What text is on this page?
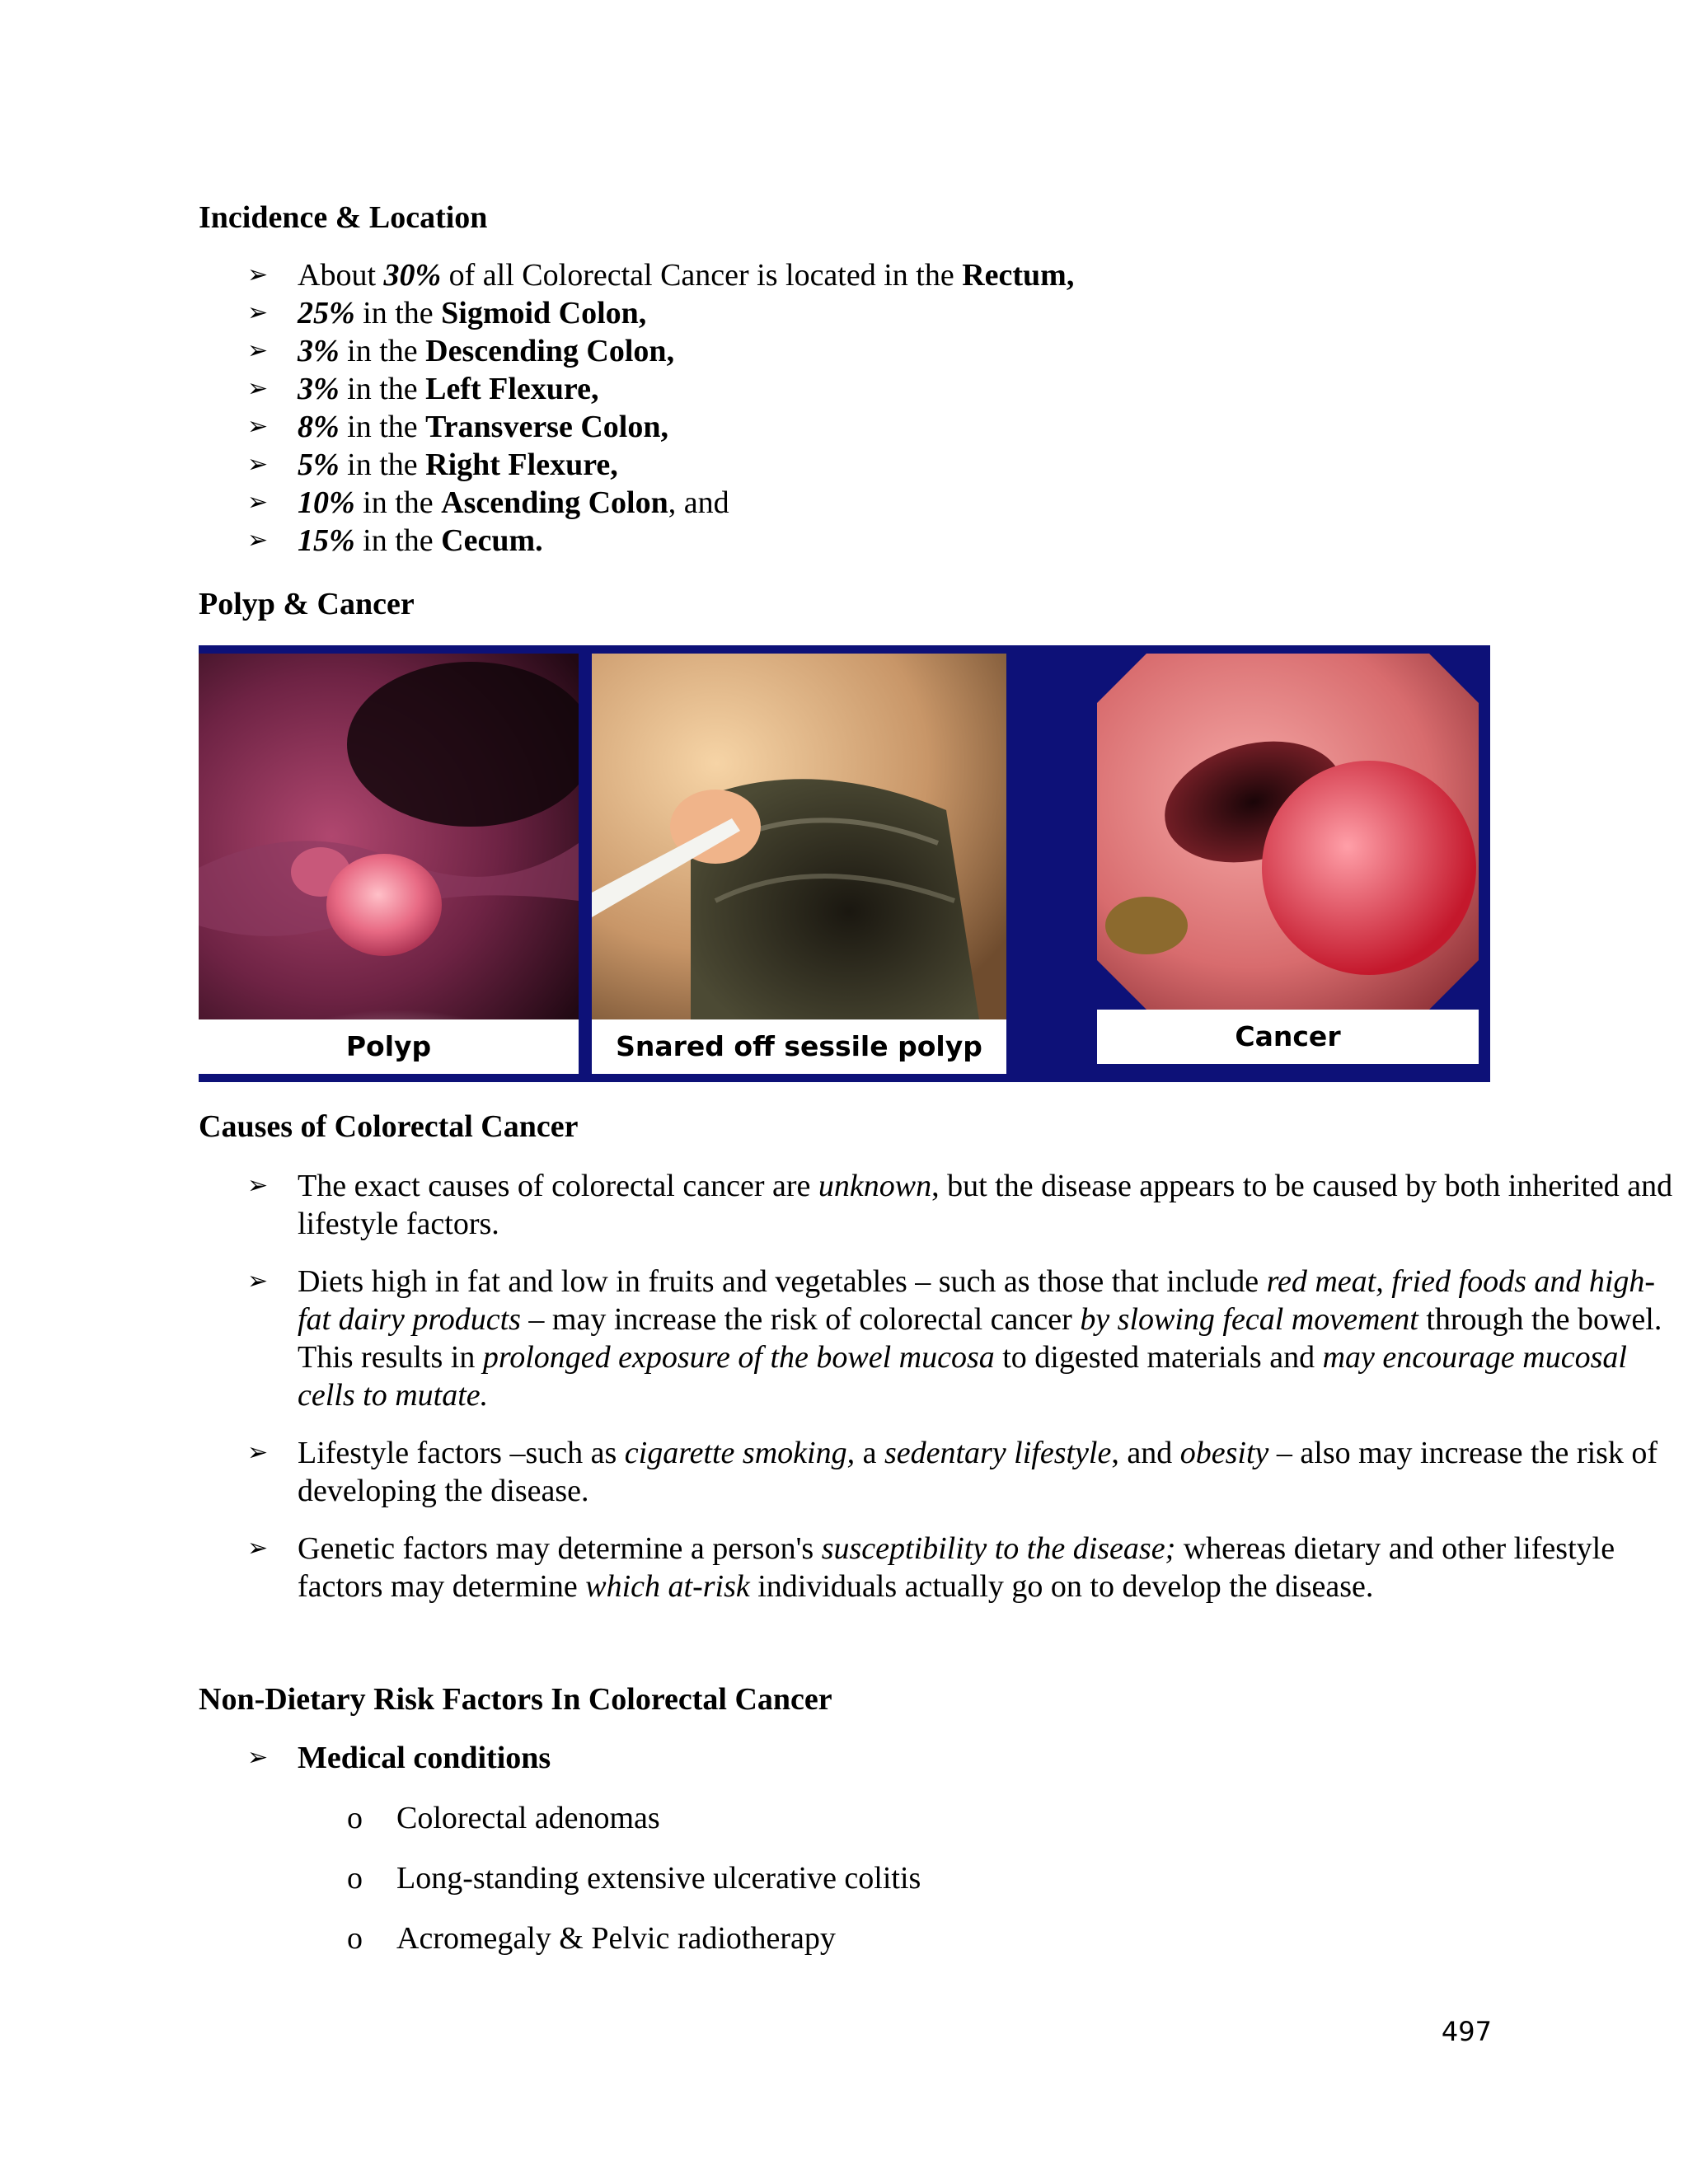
Incidence & Location
➢ About 30% of all Colorectal Cancer is located in the Rectum,
➢ 25% in the Sigmoid Colon,
➢ 3% in the Descending Colon,
➢ 3% in the Left Flexure,
➢ 8% in the Transverse Colon,
➢ 5% in the Right Flexure,
➢ 10% in the Ascending Colon, and
➢ 15% in the Cecum.
Polyp & Cancer
Polyp	Snared off sessile polyp	Cancer
Causes of Colorectal Cancer
➢ The exact causes of colorectal cancer are unknown, but the disease appears to be caused by both inherited and lifestyle factors.
➢ Diets high in fat and low in fruits and vegetables – such as those that include red meat, fried foods and high-fat dairy products – may increase the risk of colorectal cancer by slowing fecal movement through the bowel. This results in prolonged exposure of the bowel mucosa to digested materials and may encourage mucosal cells to mutate.
➢ Lifestyle factors –such as cigarette smoking, a sedentary lifestyle, and obesity – also may increase the risk of developing the disease.
➢ Genetic factors may determine a person's susceptibility to the disease; whereas dietary and other lifestyle factors may determine which at-risk individuals actually go on to develop the disease.
Non-Dietary Risk Factors In Colorectal Cancer
➢ Medical conditions
o Colorectal adenomas
o Long-standing extensive ulcerative colitis
o Acromegaly & Pelvic radiotherapy
497
